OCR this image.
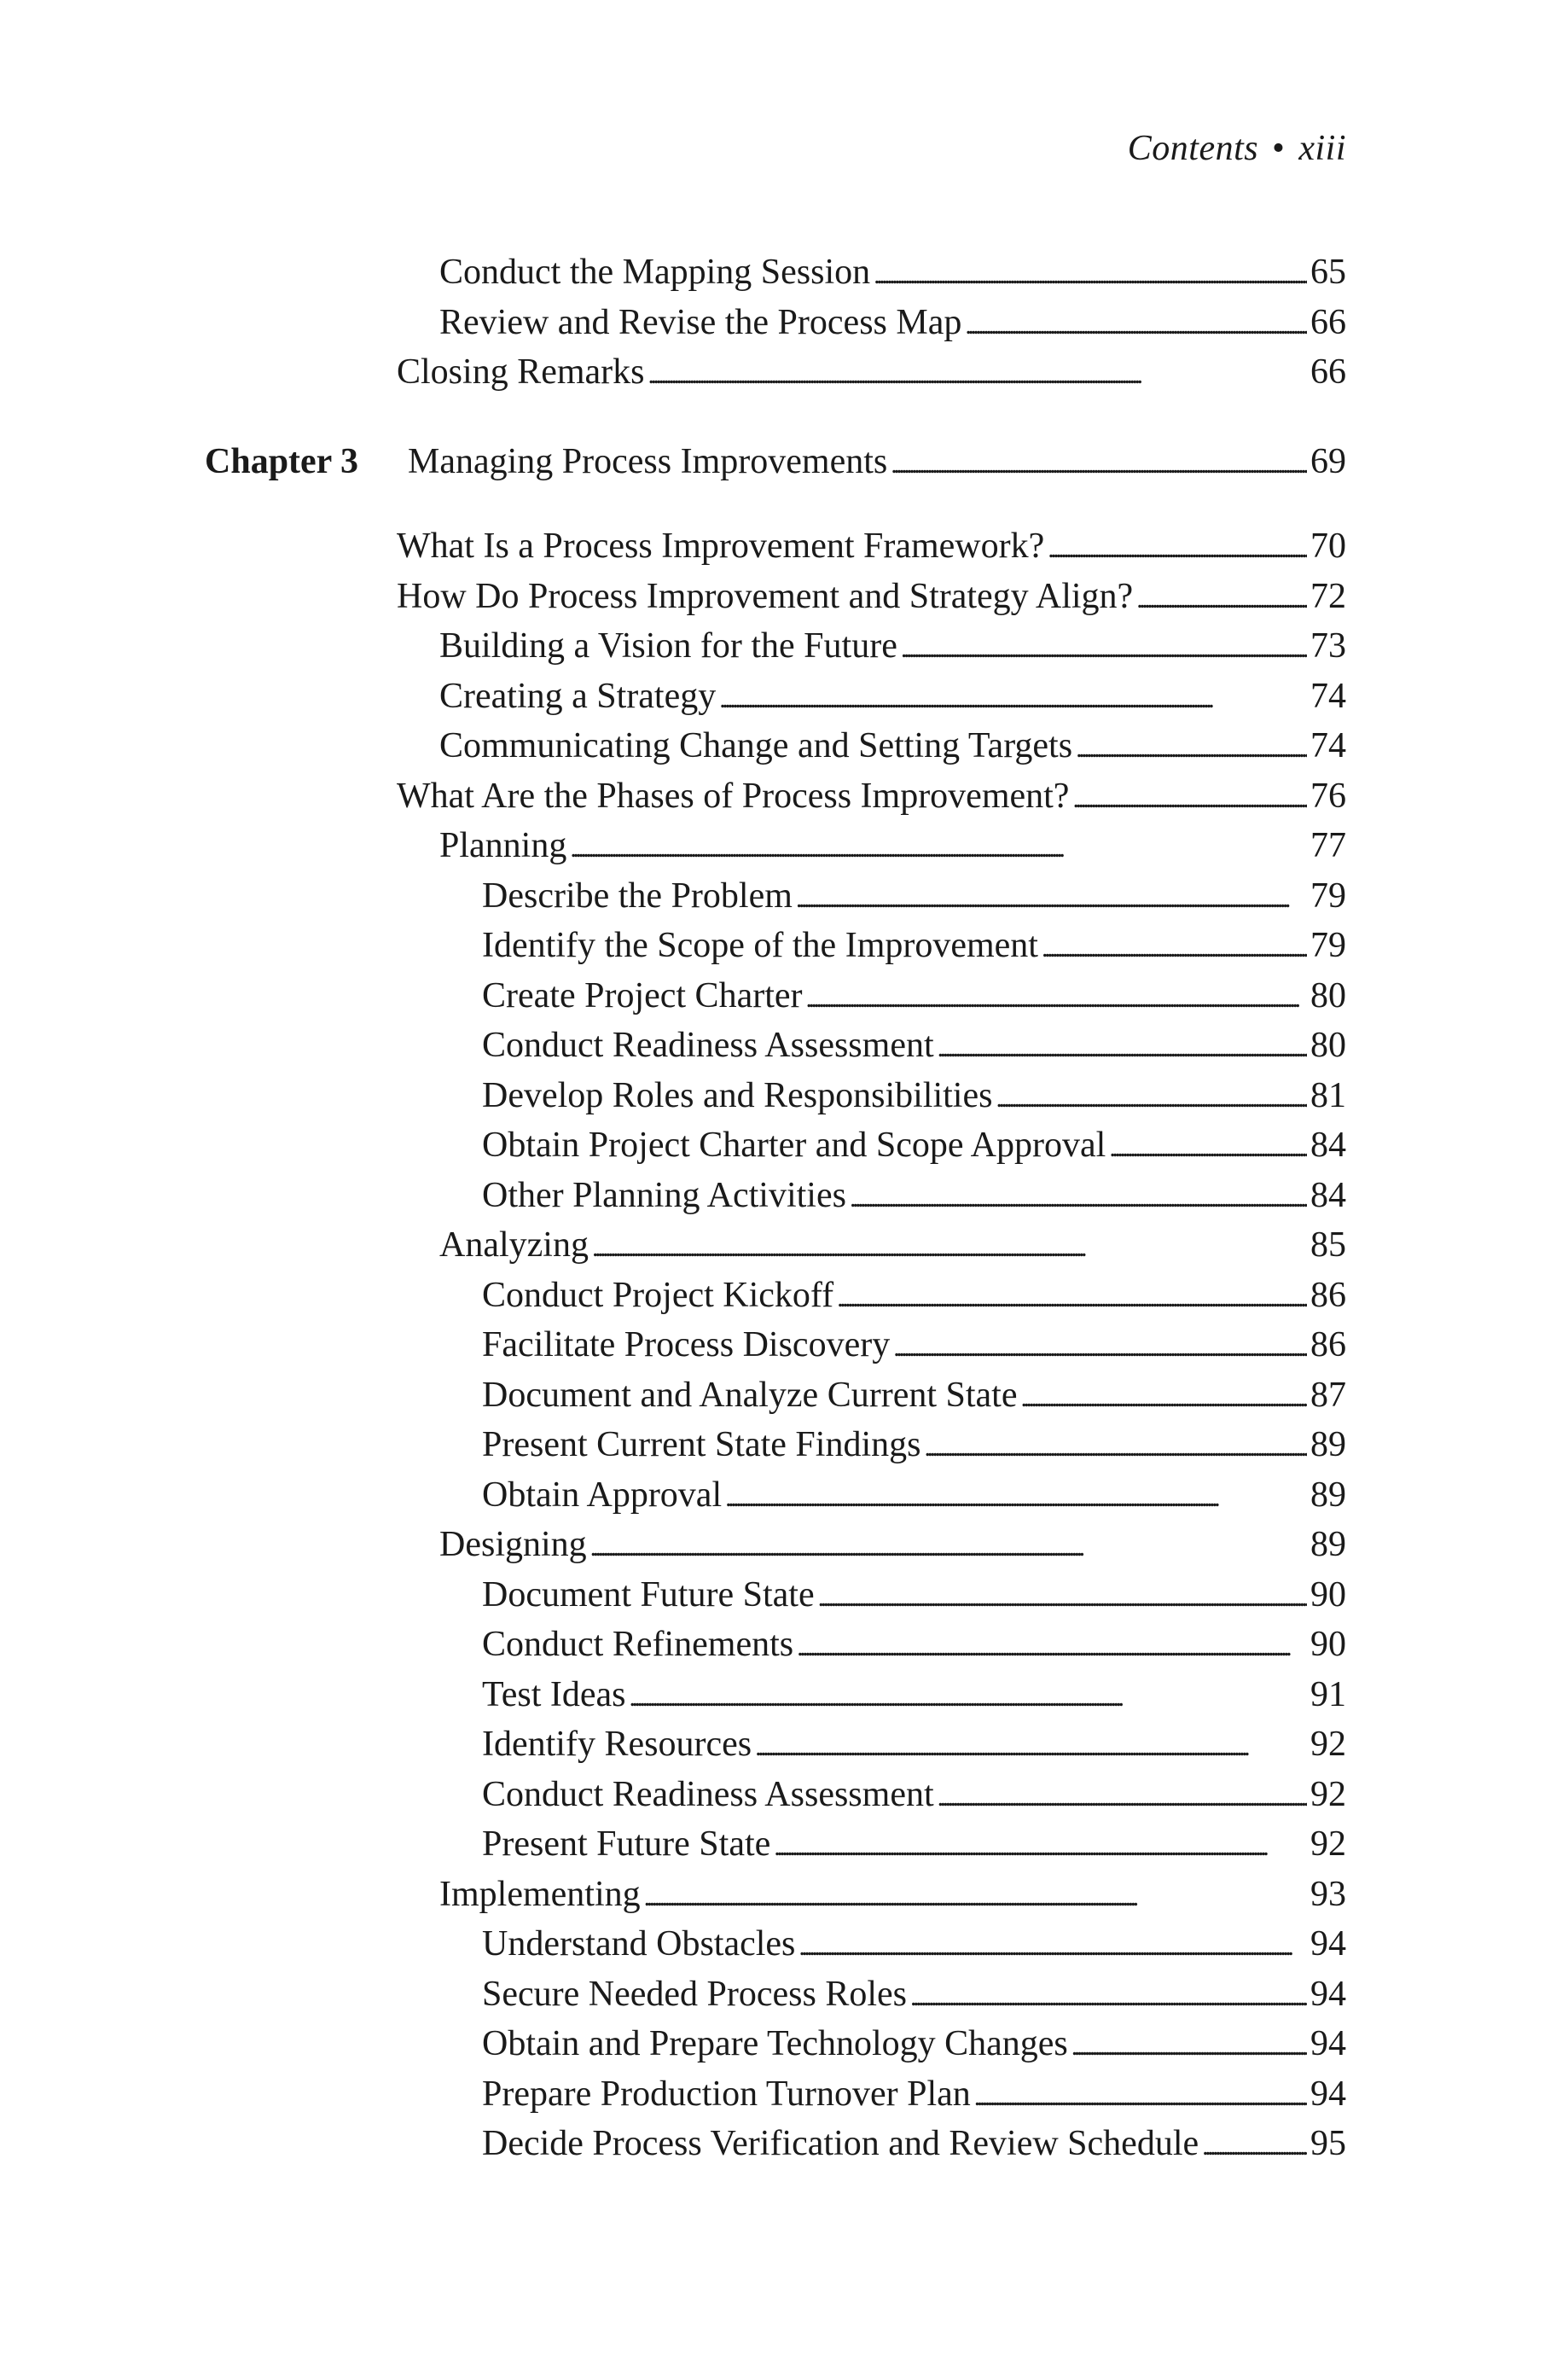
Contents • xiii
Chapter 3 Managing Process Improvements . . .	69
Conduct the Mapping Session . . .	65
Review and Revise the Process Map . . .	66
Closing Remarks . . .	66
What Is a Process Improvement Framework? . . .	70
How Do Process Improvement and Strategy Align? . . .	72
Building a Vision for the Future . . .	73
Creating a Strategy . . .	74
Communicating Change and Setting Targets . . .	74
What Are the Phases of Process Improvement? . . .	76
Planning . . .	77
Describe the Problem . . .	79
Identify the Scope of the Improvement . . .	79
Create Project Charter . . .	80
Conduct Readiness Assessment . . .	80
Develop Roles and Responsibilities . . .	81
Obtain Project Charter and Scope Approval . . .	84
Other Planning Activities . . .	84
Analyzing . . .	85
Conduct Project Kickoff . . .	86
Facilitate Process Discovery . . .	86
Document and Analyze Current State . . .	87
Present Current State Findings . . .	89
Obtain Approval . . .	89
Designing . . .	89
Document Future State . . .	90
Conduct Refinements . . .	90
Test Ideas . . .	91
Identify Resources . . .	92
Conduct Readiness Assessment . . .	92
Present Future State . . .	92
Implementing . . .	93
Understand Obstacles . . .	94
Secure Needed Process Roles . . .	94
Obtain and Prepare Technology Changes . . .	94
Prepare Production Turnover Plan . . .	94
Decide Process Verification and Review Schedule . . .	95
